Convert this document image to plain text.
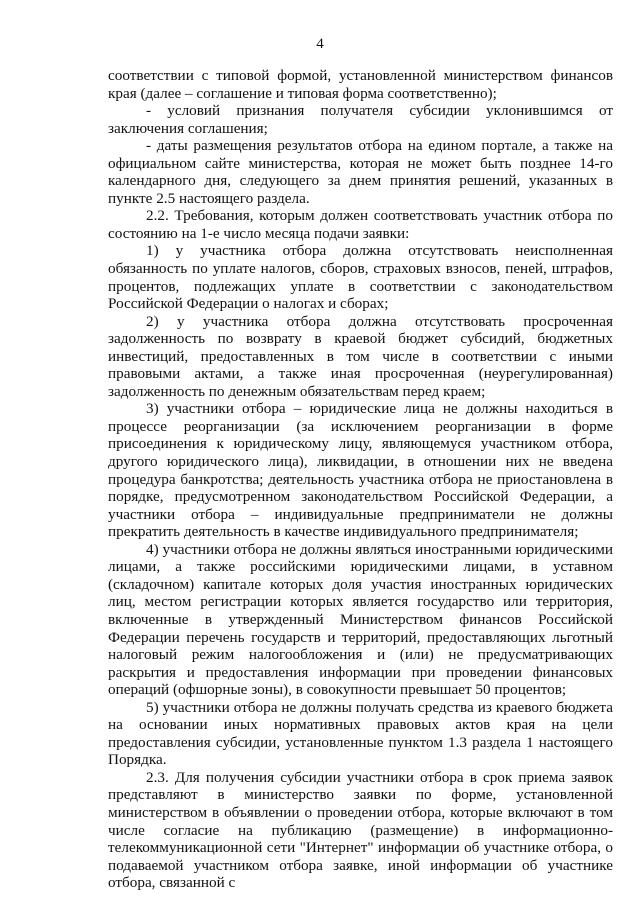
4

соответствии с типовой формой, установленной министерством финансов края (далее – соглашение и типовая форма соответственно);

- условий признания получателя субсидии уклонившимся от заключения соглашения;

- даты размещения результатов отбора на едином портале, а также на официальном сайте министерства, которая не может быть позднее 14-го календарного дня, следующего за днем принятия решений, указанных в пункте 2.5 настоящего раздела.

2.2. Требования, которым должен соответствовать участник отбора по состоянию на 1-е число месяца подачи заявки:

1) у участника отбора должна отсутствовать неисполненная обязанность по уплате налогов, сборов, страховых взносов, пеней, штрафов, процентов, подлежащих уплате в соответствии с законодательством Российской Федерации о налогах и сборах;

2) у участника отбора должна отсутствовать просроченная задолженность по возврату в краевой бюджет субсидий, бюджетных инвестиций, предоставленных в том числе в соответствии с иными правовыми актами, а также иная просроченная (неурегулированная) задолженность по денежным обязательствам перед краем;

3) участники отбора – юридические лица не должны находиться в процессе реорганизации (за исключением реорганизации в форме присоединения к юридическому лицу, являющемуся участником отбора, другого юридического лица), ликвидации, в отношении них не введена процедура банкротства; деятельность участника отбора не приостановлена в порядке, предусмотренном законодательством Российской Федерации, а участники отбора – индивидуальные предприниматели не должны прекратить деятельность в качестве индивидуального предпринимателя;

4) участники отбора не должны являться иностранными юридическими лицами, а также российскими юридическими лицами, в уставном (складочном) капитале которых доля участия иностранных юридических лиц, местом регистрации которых является государство или территория, включенные в утвержденный Министерством финансов Российской Федерации перечень государств и территорий, предоставляющих льготный налоговый режим налогообложения и (или) не предусматривающих раскрытия и предоставления информации при проведении финансовых операций (офшорные зоны), в совокупности превышает 50 процентов;

5) участники отбора не должны получать средства из краевого бюджета на основании иных нормативных правовых актов края на цели предоставления субсидии, установленные пунктом 1.3 раздела 1 настоящего Порядка.

2.3. Для получения субсидии участники отбора в срок приема заявок представляют в министерство заявки по форме, установленной министерством в объявлении о проведении отбора, которые включают в том числе согласие на публикацию (размещение) в информационно-телекоммуникационной сети "Интернет" информации об участнике отбора, о подаваемой участником отбора заявке, иной информации об участнике отбора, связанной с
